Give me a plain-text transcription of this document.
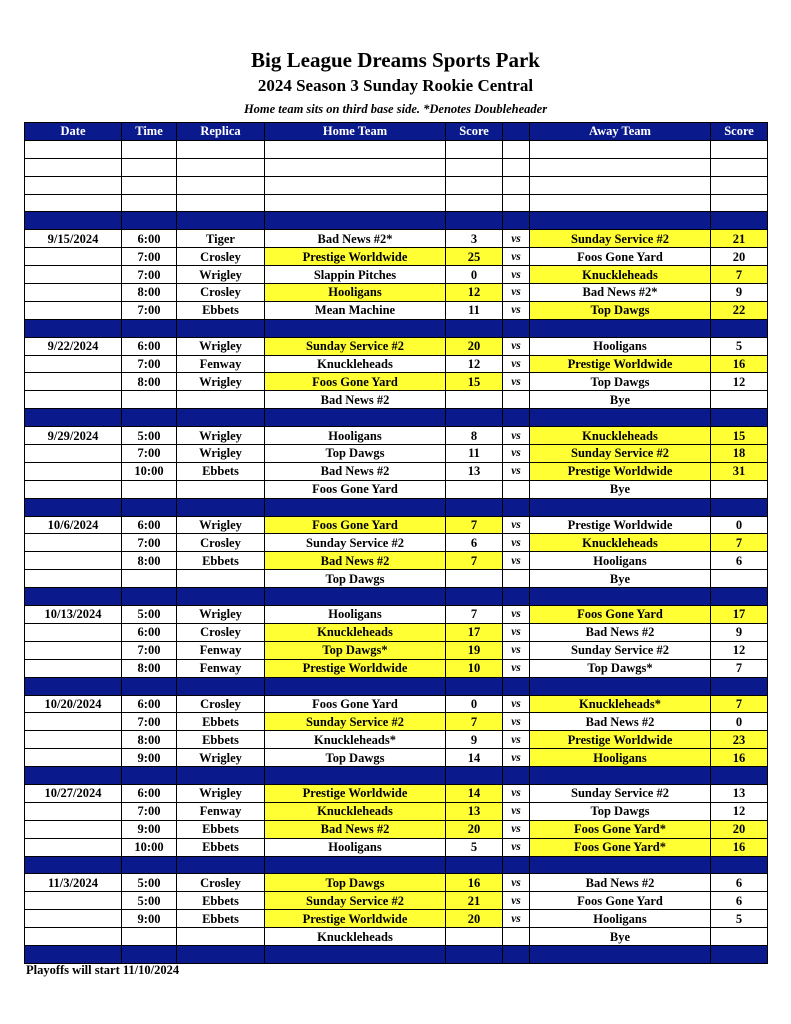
Big League Dreams Sports Park
2024 Season 3 Sunday Rookie Central
Home team sits on third base side. *Denotes Doubleheader
Date	Time	Replica	Home Team	Score		Away Team	Score

9/15/2024	6:00	Tiger	Bad News #2*	3	vs	Sunday Service #2	21
	7:00	Crosley	Prestige Worldwide	25	vs	Foos Gone Yard	20
	7:00	Wrigley	Slappin Pitches	0	vs	Knuckleheads	7
	8:00	Crosley	Hooligans	12	vs	Bad News #2*	9
	7:00	Ebbets	Mean Machine	11	vs	Top Dawgs	22

9/22/2024	6:00	Wrigley	Sunday Service #2	20	vs	Hooligans	5
	7:00	Fenway	Knuckleheads	12	vs	Prestige Worldwide	16
	8:00	Wrigley	Foos Gone Yard	15	vs	Top Dawgs	12
			Bad News #2			Bye	

9/29/2024	5:00	Wrigley	Hooligans	8	vs	Knuckleheads	15
	7:00	Wrigley	Top Dawgs	11	vs	Sunday Service #2	18
	10:00	Ebbets	Bad News #2	13	vs	Prestige Worldwide	31
			Foos Gone Yard			Bye	

10/6/2024	6:00	Wrigley	Foos Gone Yard	7	vs	Prestige Worldwide	0
	7:00	Crosley	Sunday Service #2	6	vs	Knuckleheads	7
	8:00	Ebbets	Bad News #2	7	vs	Hooligans	6
			Top Dawgs			Bye	

10/13/2024	5:00	Wrigley	Hooligans	7	vs	Foos Gone Yard	17
	6:00	Crosley	Knuckleheads	17	vs	Bad News #2	9
	7:00	Fenway	Top Dawgs*	19	vs	Sunday Service #2	12
	8:00	Fenway	Prestige Worldwide	10	vs	Top Dawgs*	7

10/20/2024	6:00	Crosley	Foos Gone Yard	0	vs	Knuckleheads*	7
	7:00	Ebbets	Sunday Service #2	7	vs	Bad News #2	0
	8:00	Ebbets	Knuckleheads*	9	vs	Prestige Worldwide	23
	9:00	Wrigley	Top Dawgs	14	vs	Hooligans	16

10/27/2024	6:00	Wrigley	Prestige Worldwide	14	vs	Sunday Service #2	13
	7:00	Fenway	Knuckleheads	13	vs	Top Dawgs	12
	9:00	Ebbets	Bad News #2	20	vs	Foos Gone Yard*	20
	10:00	Ebbets	Hooligans	5	vs	Foos Gone Yard*	16

11/3/2024	5:00	Crosley	Top Dawgs	16	vs	Bad News #2	6
	5:00	Ebbets	Sunday Service #2	21	vs	Foos Gone Yard	6
	9:00	Ebbets	Prestige Worldwide	20	vs	Hooligans	5
			Knuckleheads			Bye	

Playoffs will start 11/10/2024
